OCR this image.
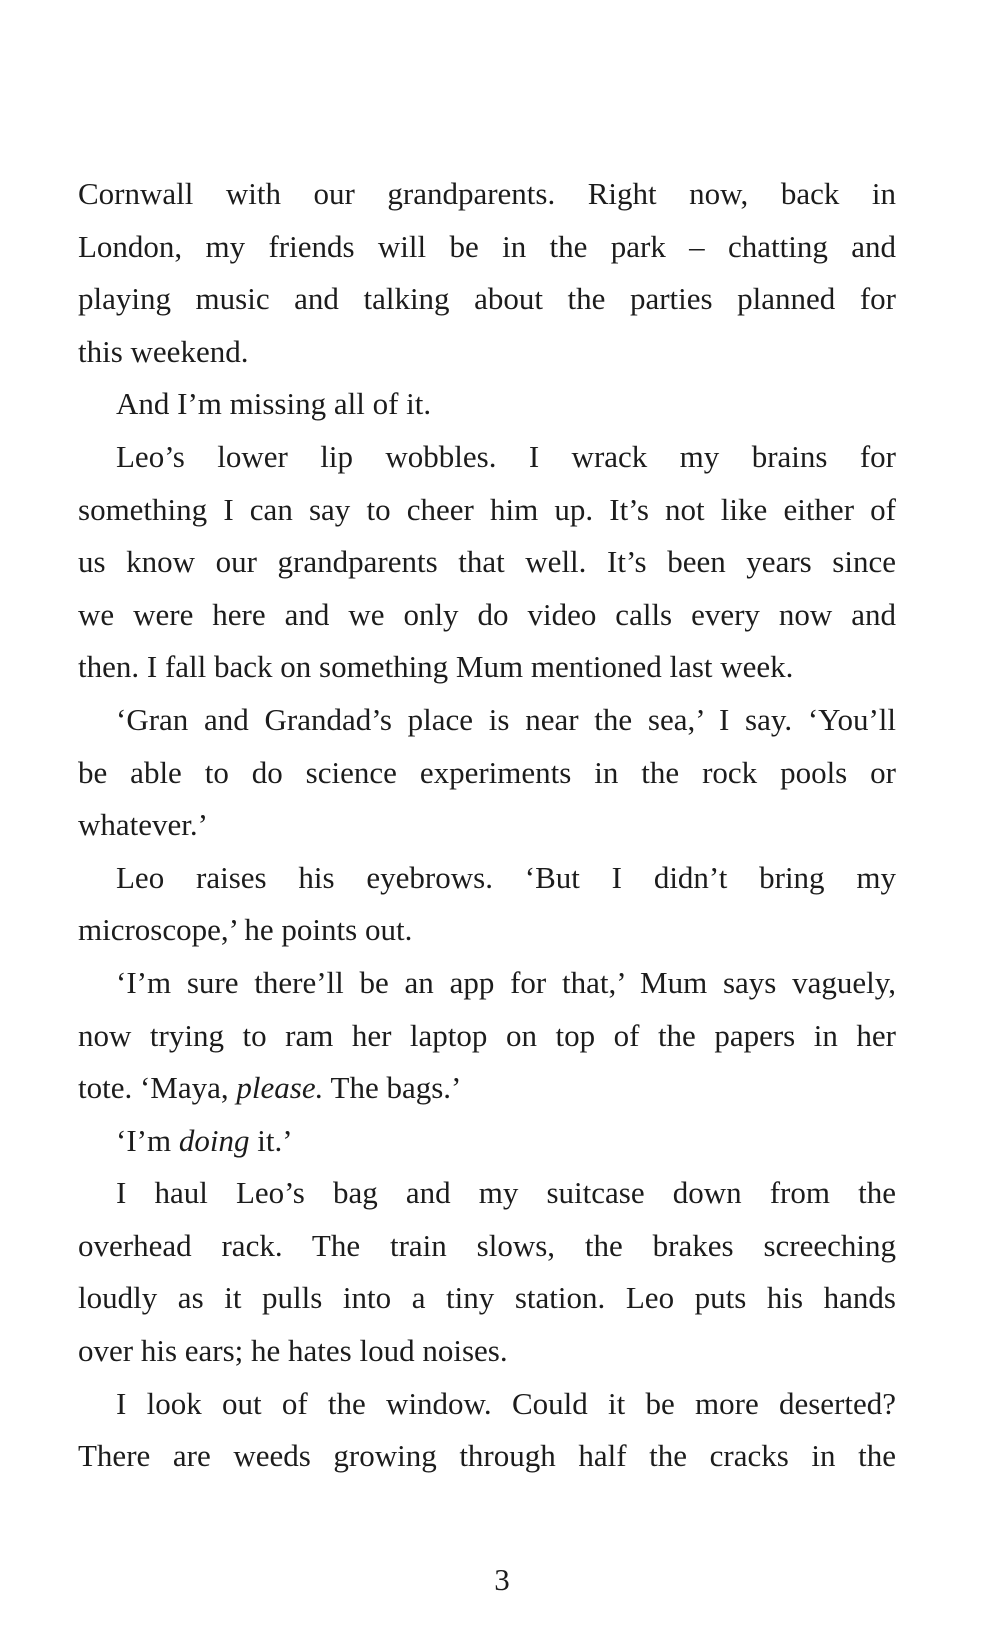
Cornwall with our grandparents. Right now, back in
London, my friends will be in the park – chatting and
playing music and talking about the parties planned for
this weekend.
And I’m missing all of it.
Leo’s lower lip wobbles. I wrack my brains for
something I can say to cheer him up. It’s not like either of
us know our grandparents that well. It’s been years since
we were here and we only do video calls every now and
then. I fall back on something Mum mentioned last week.
‘Gran and Grandad’s place is near the sea,’ I say. ‘You’ll
be able to do science experiments in the rock pools or
whatever.’
Leo raises his eyebrows. ‘But I didn’t bring my
microscope,’ he points out.
‘I’m sure there’ll be an app for that,’ Mum says vaguely,
now trying to ram her laptop on top of the papers in her
tote. ‘Maya, please. The bags.’
‘I’m doing it.’
I haul Leo’s bag and my suitcase down from the
overhead rack. The train slows, the brakes screeching
loudly as it pulls into a tiny station. Leo puts his hands
over his ears; he hates loud noises.
I look out of the window. Could it be more deserted?
There are weeds growing through half the cracks in the
3
